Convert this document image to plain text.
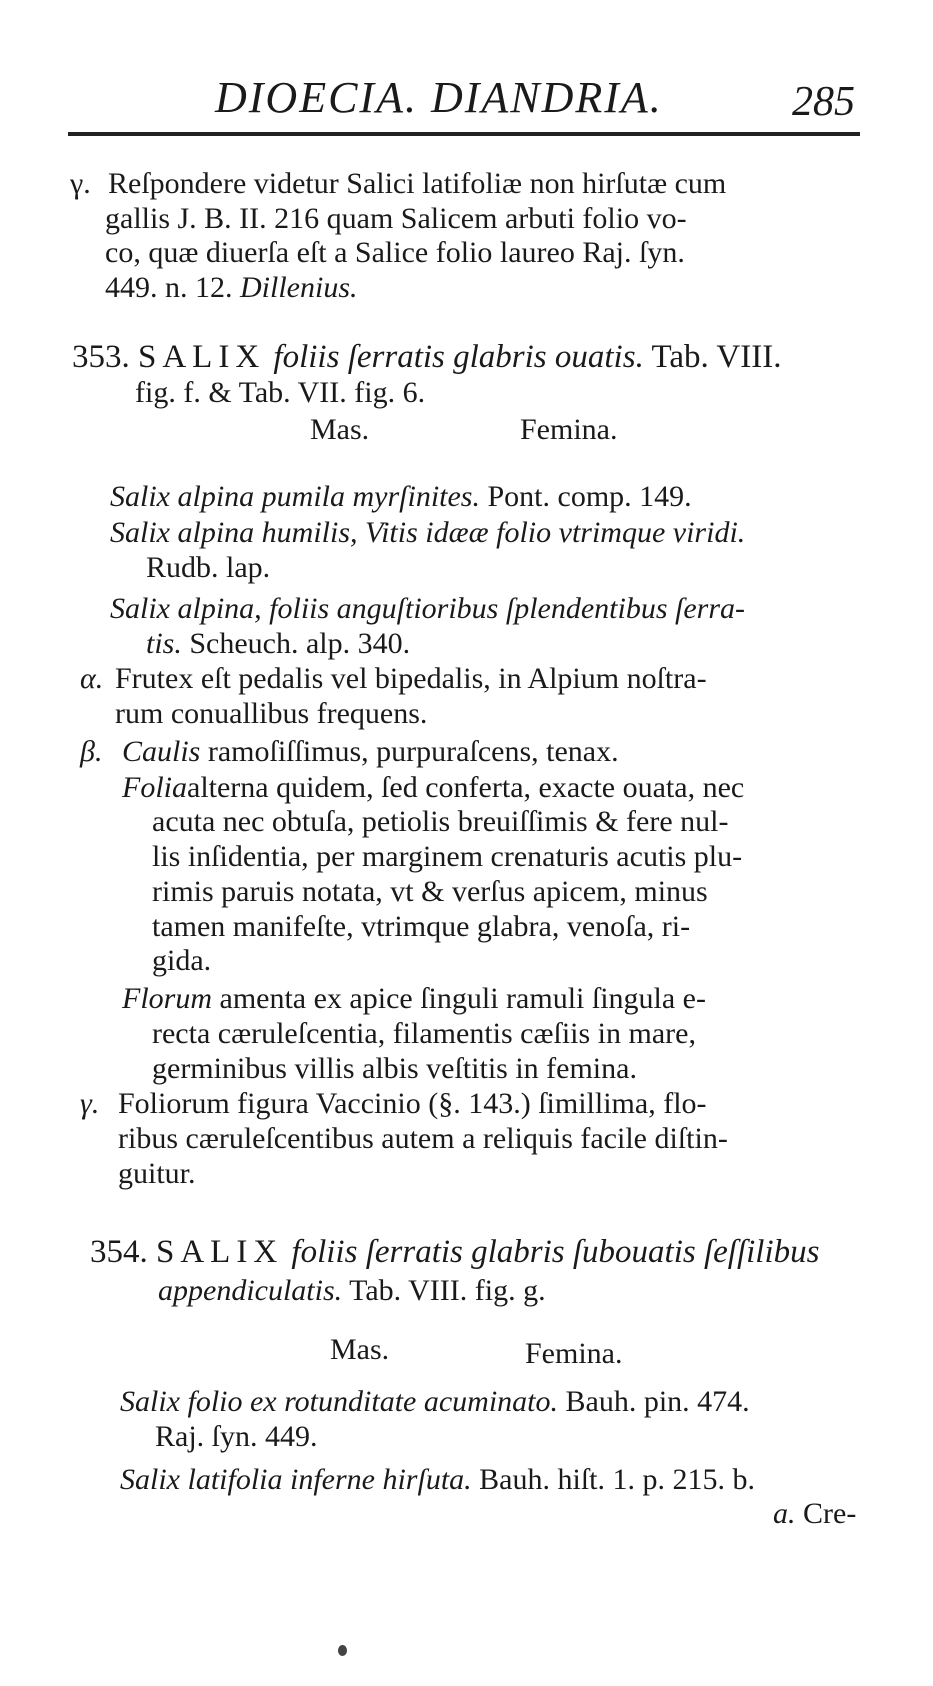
DIOECIA. DIANDRIA.	285
γ. Reſpondere videtur Salici latifoliæ non hirſutæ cum
gallis J. B. II. 216 quam Salicem arbuti folio vo-
co, quæ diuerſa eſt a Salice folio laureo Raj. ſyn.
449. n. 12. Dillenius.
353. SALIX foliis ſerratis glabris ouatis. Tab. VIII.
fig. f. & Tab. VII. fig. 6.
Mas.	Femina.
Salix alpina pumila myrſinites. Pont. comp. 149.
Salix alpina humilis, Vitis idææ folio vtrimque viridi.
Rudb. lap.
Salix alpina, foliis anguſtioribus ſplendentibus ſerra-
tis. Scheuch. alp. 340.
α. Frutex eſt pedalis vel bipedalis, in Alpium noſtra-
rum conuallibus frequens.
β. Caulis ramoſiſſimus, purpuraſcens, tenax.
Foliaalterna quidem, ſed conferta, exacte ouata, nec
acuta nec obtuſa, petiolis breuiſſimis & fere nul-
lis inſidentia, per marginem crenaturis acutis plu-
rimis paruis notata, vt & verſus apicem, minus
tamen manifeſte, vtrimque glabra, venoſa, ri-
gida.
Florum amenta ex apice ſinguli ramuli ſingula e-
recta cæruleſcentia, filamentis cæſiis in mare,
germinibus villis albis veſtitis in femina.
γ. Foliorum figura Vaccinio (§. 143.) ſimillima, flo-
ribus cæruleſcentibus autem a reliquis facile diſtin-
guitur.
354. SALIX foliis ſerratis glabris ſubouatis ſeſſilibus
appendiculatis. Tab. VIII. fig. g.
Mas.	Femina.
Salix folio ex rotunditate acuminato. Bauh. pin. 474.
Raj. ſyn. 449.
Salix latifolia inferne hirſuta. Bauh. hiſt. 1. p. 215. b.
a. Cre-
